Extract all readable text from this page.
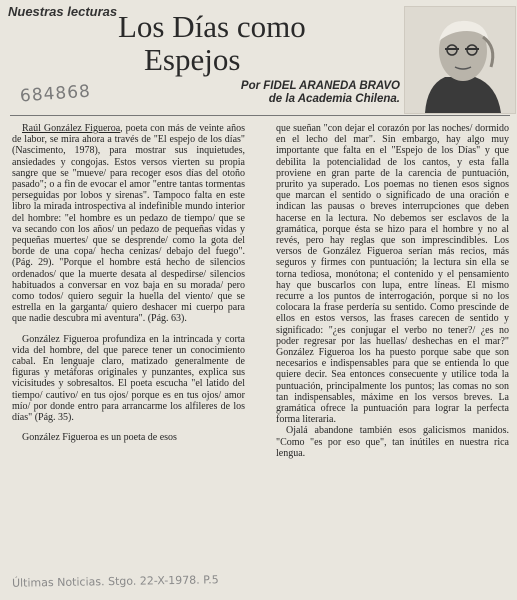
Nuestras lecturas Los Días como
Espejos
Por FIDEL ARANEDA BRAVO
de la Academia Chilena.
684868

Raúl González Figueroa, poeta con más de veinte años de labor, se mira ahora a través de "El espejo de los días" (Nascimento, 1978), para mostrar sus inquietudes, ansiedades y congojas. Estos versos vierten su propia sangre que se "mueve/ para recoger esos días del otoño pasado"; o a fin de evocar el amor "entre tantas tormentas perseguidas por lobos y sirenas". Tampoco falta en este libro la mirada introspectiva al indefinible mundo interior del hombre: "el hombre es un pedazo de tiempo/ que se va secando con los años/ un pedazo de pequeñas vidas y pequeñas muertes/ que se desprende/ como la gota del borde de una copa/ hecha cenizas/ debajo del fuego". (Pág. 29). "Porque el hombre está hecho de silencios ordenados/ que la muerte desata al despedirse/ silencios habituados a conversar en voz baja en su morada/ pero como todos/ quiero seguir la huella del viento/ que se estrella en la garganta/ quiero deshacer mi cuerpo para que nadie descubra mi aventura". (Pág. 63).

González Figueroa profundiza en la intrincada y corta vida del hombre, del que parece tener un conocimiento cabal. En lenguaje claro, matizado generalmente de figuras y metáforas originales y punzantes, explica sus vicisitudes y sobresaltos. El poeta escucha "el latido del tiempo/ cautivo/ en tus ojos/ porque es en tus ojos/ amor mío/ por donde entro para arrancarme los alfileres de los días" (Pág. 35).

González Figueroa es un poeta de esos

que sueñan "con dejar el corazón por las noches/ dormido en el lecho del mar". Sin embargo, hay algo muy importante que falta en el "Espejo de los Días" y que debilita la potencialidad de los cantos, y esta falla proviene en gran parte de la carencia de puntuación, prurito ya superado. Los poemas no tienen esos signos que marcan el sentido o significado de una oración e indican las pausas o breves interrupciones que deben hacerse en la lectura. No debemos ser esclavos de la gramática, porque ésta se hizo para el hombre y no al revés, pero hay reglas que son imprescindibles. Los versos de González Figueroa serían más recios, más seguros y firmes con puntuación; la lectura sin ella se torna tediosa, monótona; el contenido y el pensamiento hay que buscarlos con lupa, entre líneas. El mismo recurre a los puntos de interrogación, porque si no los colocara la frase perdería su sentido. Como prescinde de ellos en estos versos, las frases carecen de sentido y significado: "¿es conjugar el verbo no tener?/ ¿es no poder regresar por las huellas/ deshechas en el mar?" González Figueroa los ha puesto porque sabe que son necesarios e indispensables para que se entienda lo que quiere decir. Sea entonces consecuente y utilice toda la puntuación, principalmente los puntos; las comas no son tan indispensables, máxime en los versos breves. La gramática ofrece la puntuación para lograr la perfecta forma literaria.

Ojalá abandone también esos galicismos manidos. "Como "es por eso que", tan inútiles en nuestra rica lengua.

Últimas Noticias. Stgo. 22-X-1978. P.5
